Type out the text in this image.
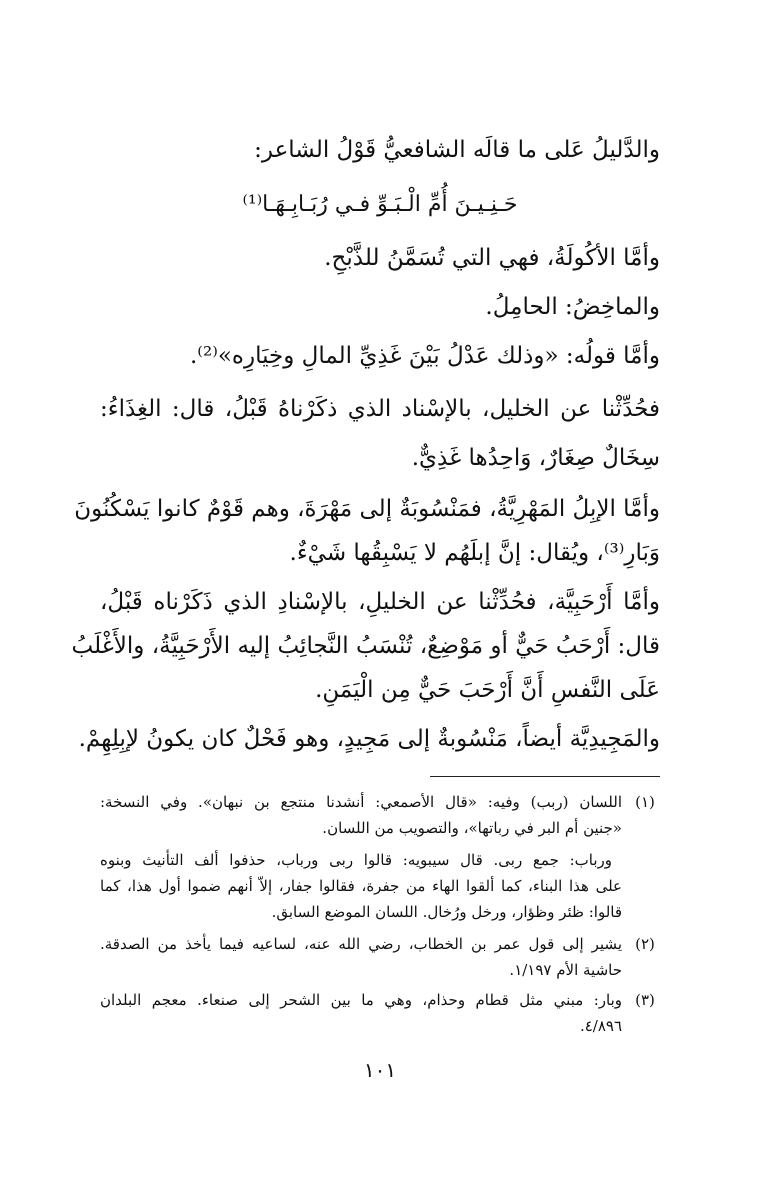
والدَّليلُ عَلى ما قالَه الشافعيُّ قَوْلُ الشاعر:
حَـنِـيـنَ أُمِّ الْـبَـوِّ فـي رُبَـابِـهَـا⁽¹⁾
وأمَّا الأكُولَةُ، فهي التي تُسَمَّنُ للذَّبْحِ.
والماخِضُ: الحامِلُ.
وأمَّا قولُه: «وذلك عَدْلُ بَيْنَ غَذِيِّ المالِ وخِيَارِه»⁽²⁾.
فحُدِّثْنا عن الخليل، بالإسْناد الذي ذكَرْناهُ قَبْلُ، قال: الغِذَاءُ:
سِخَالٌ صِغَارٌ، وَاحِدُها غَذِيٌّ.
وأمَّا الإبِلُ المَهْرِيَّةُ، فمَنْسُوبَةٌ إلى مَهْرَةَ، وهم قَوْمٌ كانوا يَسْكُنُونَ
وَبَارِ⁽³⁾، ويُقال: إنَّ إبلَهُم لا يَسْبِقُها شَيْءٌ.
وأمَّا أَرْحَبِيَّة، فحُدِّثْنا عن الخليلِ، بالإسْنادِ الذي ذَكَرْناه قَبْلُ،
قال: أَرْحَبُ حَيٌّ أو مَوْضِعٌ، تُنْسَبُ النَّجائِبُ إليه الأَرْحَبِيَّةُ، والأَغْلَبُ
عَلَى النَّفسِ أَنَّ أَرْحَبَ حَيٌّ مِن الْيَمَنِ.
والمَجِيدِيَّة أيضاً، مَنْسُوبةٌ إلى مَجِيدٍ، وهو فَحْلٌ كان يكونُ لإبِلِهِمْ.
(١)
اللسان (ربب) وفيه: «قال الأصمعي: أنشدنا منتجع بن نبهان». وفي النسخة:
«جنين أم البر في رباتها»، والتصويب من اللسان.
ورباب: جمع ربى. قال سيبويه: قالوا ربى ورباب، حذفوا ألف التأنيث وبنوه
على هذا البناء، كما ألقوا الهاء من جفرة، فقالوا جفار، إلاّ أنهم ضموا أول هذا، كما
قالوا: ظئر وظؤار، ورخل ورُخال. اللسان الموضع السابق.
(٢)
يشير إلى قول عمر بن الخطاب، رضي الله عنه، لساعيه فيما يأخذ من الصدقة.
حاشية الأم ١/١٩٧.
(٣)
وبار: مبني مثل قطام وحذام، وهي ما بين الشحر إلى صنعاء. معجم البلدان
٤/٨٩٦.
١٠١
